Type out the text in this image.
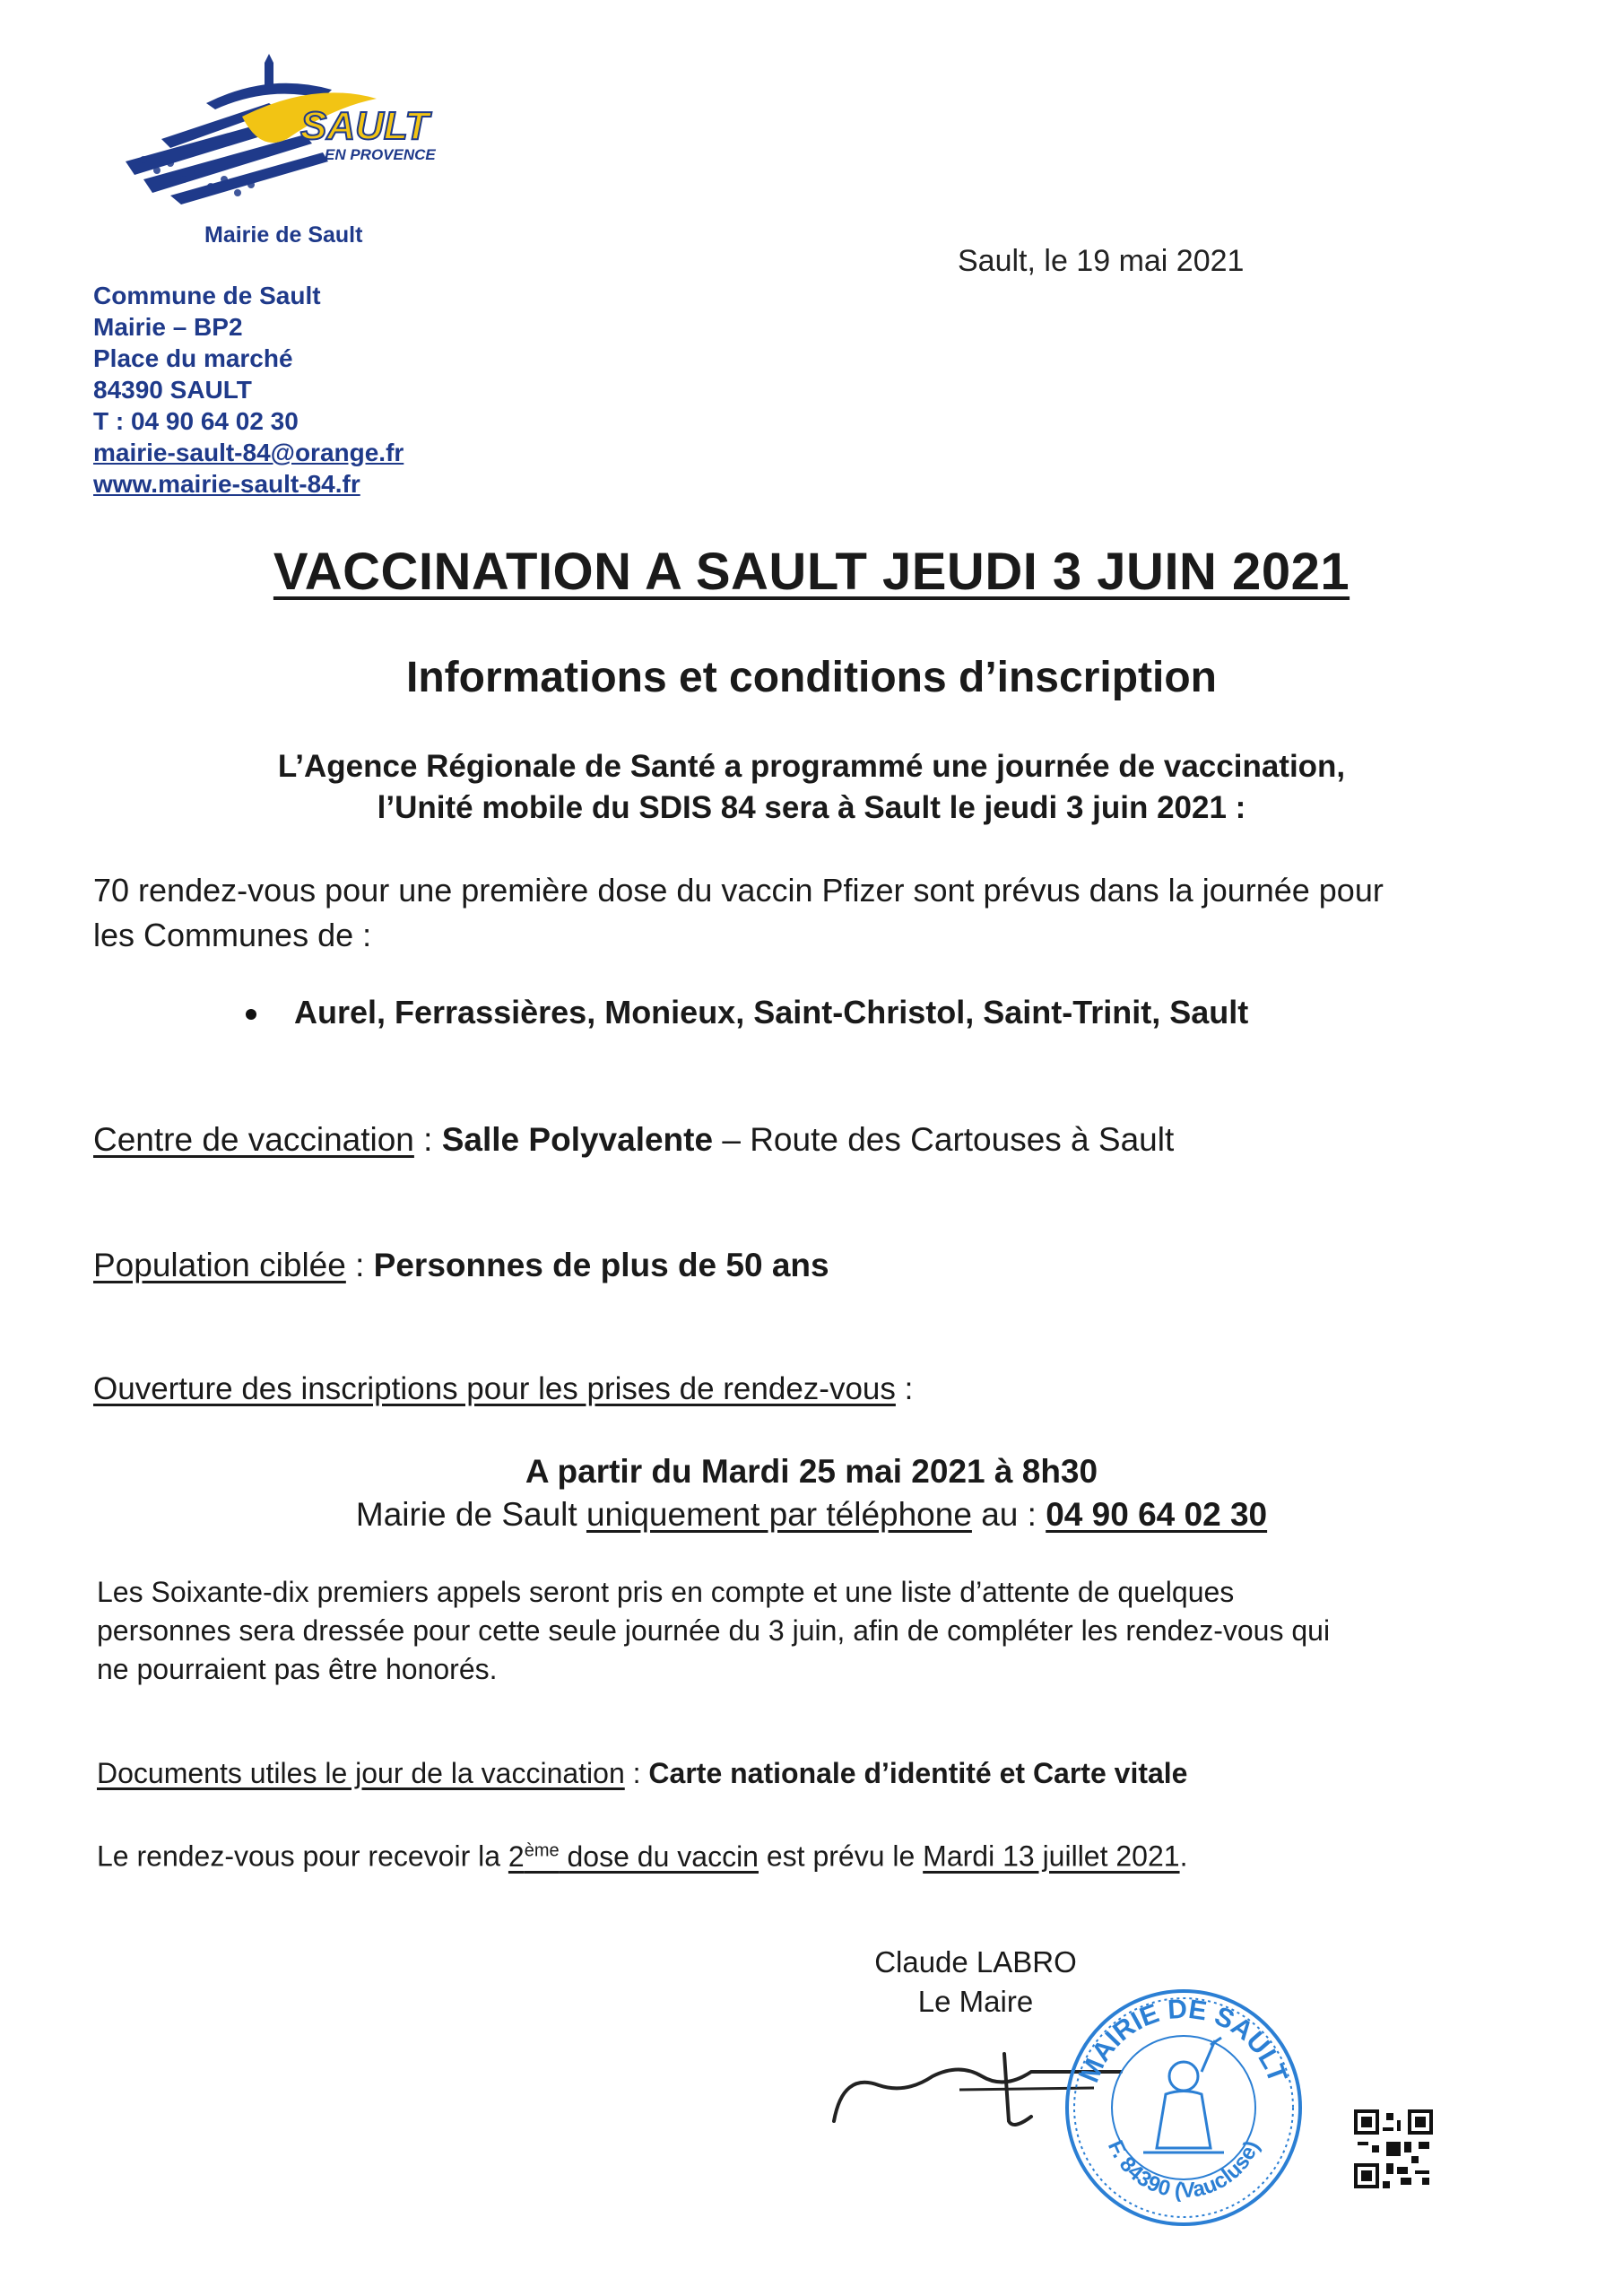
SAULT
EN PROVENCE
Mairie de Sault
Commune de Sault
Mairie – BP2
Place du marché
84390 SAULT
T : 04 90 64 02 30
mairie-sault-84@orange.fr
www.mairie-sault-84.fr
Sault, le 19 mai 2021
VACCINATION A SAULT JEUDI 3 JUIN 2021
Informations et conditions d’inscription
L’Agence Régionale de Santé a programmé une journée de vaccination,
l’Unité mobile du SDIS 84 sera à Sault le jeudi 3 juin 2021 :
70 rendez-vous pour une première dose du vaccin Pfizer sont prévus dans la journée pour
les Communes de :
Aurel, Ferrassières, Monieux, Saint-Christol, Saint-Trinit, Sault
Centre de vaccination : Salle Polyvalente – Route des Cartouses à Sault
Population ciblée : Personnes de plus de 50 ans
Ouverture des inscriptions pour les prises de rendez-vous :
A partir du Mardi 25 mai 2021 à 8h30
Mairie de Sault uniquement par téléphone au : 04 90 64 02 30
Les Soixante-dix premiers appels seront pris en compte et une liste d’attente de quelques
personnes sera dressée pour cette seule journée du 3 juin, afin de compléter les rendez-vous qui
ne pourraient pas être honorés.
Documents utiles le jour de la vaccination : Carte nationale d’identité et Carte vitale
Le rendez-vous pour recevoir la 2ème dose du vaccin est prévu le Mardi 13 juillet 2021.
Claude LABRO
Le Maire
MAIRIE DE SAULT
F. 84390 (Vaucluse)
